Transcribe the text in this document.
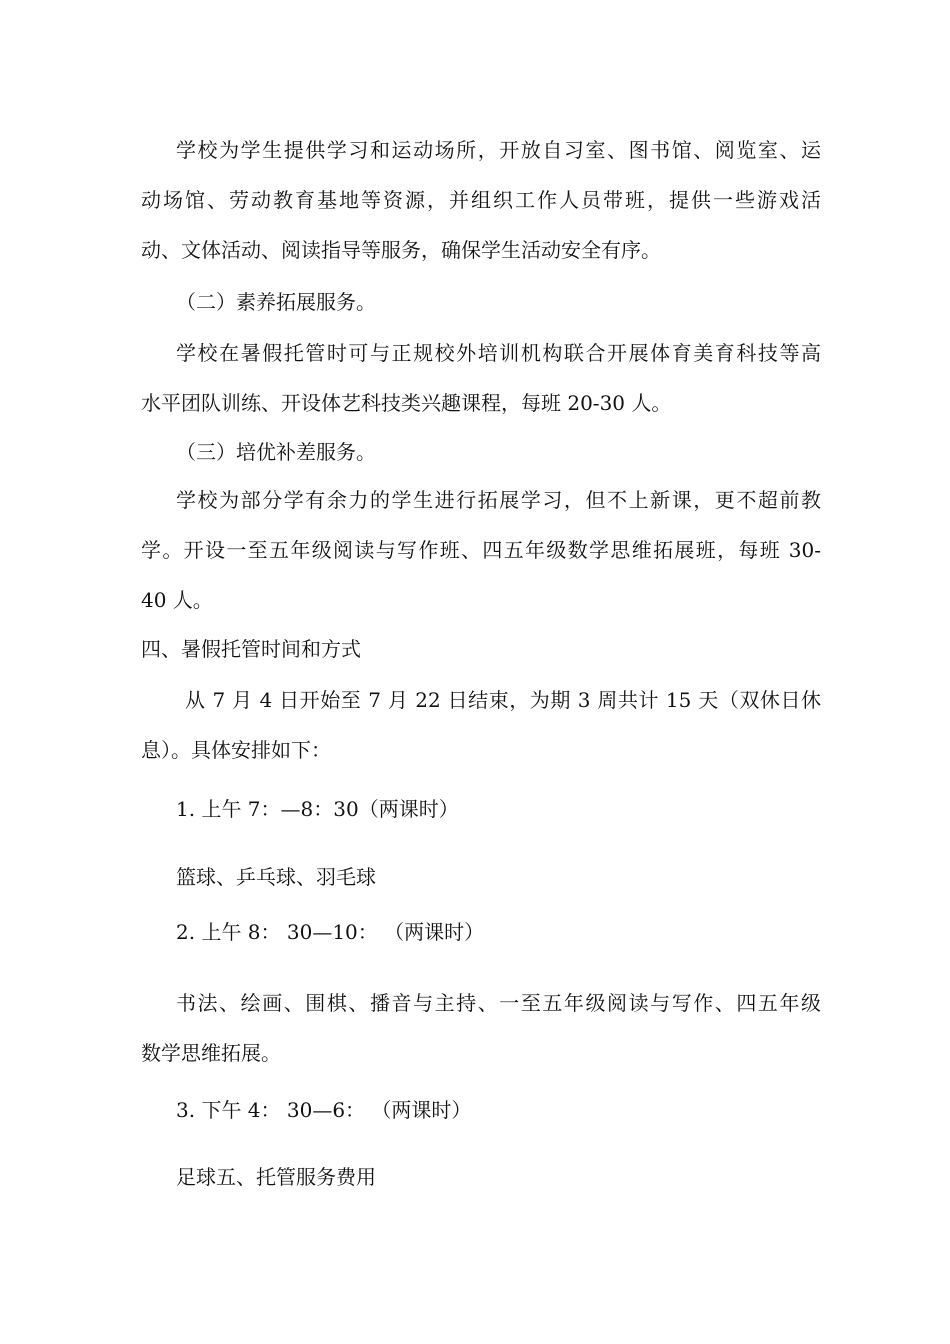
学校为学生提供学习和运动场所，开放自习室、图书馆、阅览室、运
动场馆、劳动教育基地等资源，并组织工作人员带班，提供一些游戏活
动、文体活动、阅读指导等服务，确保学生活动安全有序。
（二）素养拓展服务。
学校在暑假托管时可与正规校外培训机构联合开展体育美育科技等高
水平团队训练、开设体艺科技类兴趣课程，每班 20-30 人。
（三）培优补差服务。
学校为部分学有余力的学生进行拓展学习，但不上新课，更不超前教
学。开设一至五年级阅读与写作班、四五年级数学思维拓展班，每班 30-
40 人。
四、暑假托管时间和方式
从 7 月 4 日开始至 7 月 22 日结束，为期 3 周共计 15 天（双休日休
息）。具体安排如下：
1. 上午 7：—8：30（两课时）
篮球、乒乓球、羽毛球
2. 上午 8： 30—10： （两课时）
书法、绘画、围棋、播音与主持、一至五年级阅读与写作、四五年级
数学思维拓展。
3. 下午 4： 30—6： （两课时）
足球五、托管服务费用
